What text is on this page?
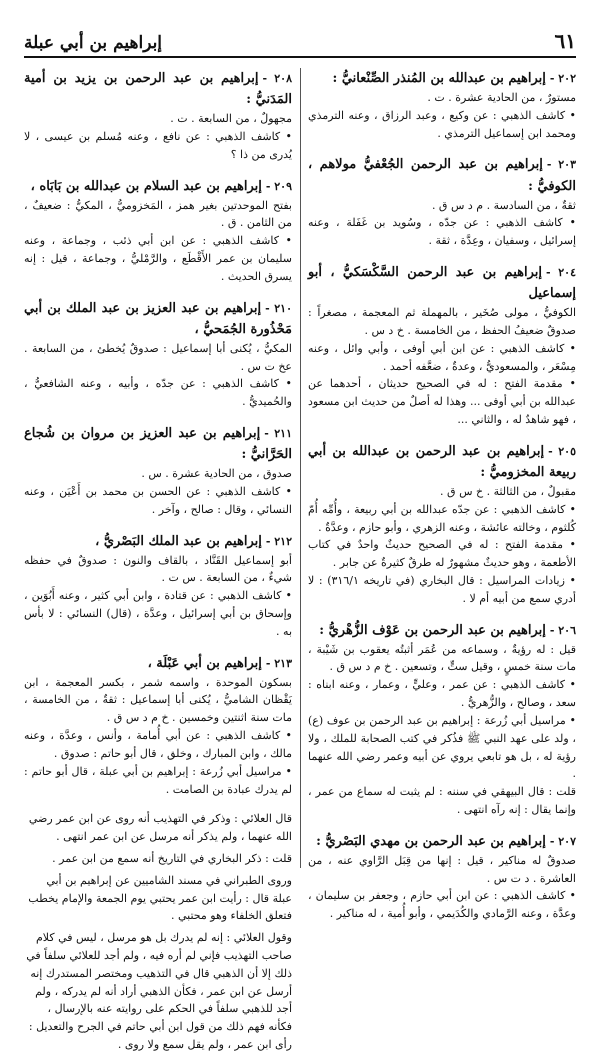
٦١
إبراهيم بن أبي عبلة
٢٠٢ -إبراهيم بن عبدالله بن المُنذر الصِّنْعانيُّ :
مستورٌ ، من الحادية عشرة . ت .
• كاشف الذهبي : عن وكيع ، وعبد الرزاق ، وعنه الترمذي ومحمد ابن إسماعيل الترمذي .
٢٠٣ -إبراهيم بن عبد الرحمن الجُعْفيُّ مولاهم ، الكوفيُّ :
ثقةٌ ، من السادسة . م د س ق .
• كاشف الذهبي : عن جدّه ، وسُويد بن غَفَلة ، وعنه إسرائيل ، وسفيان ، وعِدَّة ، ثقة .
٢٠٤ -إبراهيم بن عبد الرحمن السَّكْسَكيُّ ، أبو إسماعيل
الكوفيُّ ، مولى صُخَير ، بالمهملة ثم المعجمة ، مصغراً : صدوقٌ ضعيفُ الحفظ ، من الخامسة . خ د س .
• كاشف الذهبي : عن ابن أبي أوفى ، وأبي وائل ، وعنه مِسْعَر ، والمسعوديُّ ، وعدةٌ ، ضعَّفه أحمد .
• مقدمة الفتح : له في الصحيح حديثان ، أحدهما عن عبدالله بن أبي أوفى ... وهذا له أصلٌ من حديث ابن مسعود ، فهو شاهدٌ له ، والثاني ...
٢٠٥ -إبراهيم بن عبد الرحمن بن عبدالله بن أبي ربيعة المخزوميُّ :
مقبولٌ ، من الثالثة . خ س ق .
• كاشف الذهبي : عن جدّه عبدالله بن أبي ربيعة ، وأُمِّه أُمّ كُلثوم ، وخالته عائشة ، وعنه الزهري ، وأبو حازم ، وعدَّةٌ .
• مقدمة الفتح : له في الصحيح حديثٌ واحدٌ في كتاب الأطعمة ، وهو حديثٌ مشهورٌ له طرقٌ كثيرةٌ عن جابر .
• زيادات المراسيل : قال البخاري (في تاريخه ٣١٦/١) : لا أدري سمع من أبيه أم لا .
٢٠٦ -إبراهيم بن عبد الرحمن بن عَوْف الزُّهْريُّ :
قيل : له رؤيةٌ ، وسماعه من عُمَر أثبتُه يعقوب بن شَيْبة ، مات سنة خمسٍ ، وقيل ستٍّ ، وتسعين . خ م د س ق .
• كاشف الذهبي : عن عمر ، وعليٍّ ، وعمار ، وعنه ابناه : سعد ، وصالح ، والزُّهريُّ .
• مراسيل أبي زُرعة : إبراهيم بن عبد الرحمن بن عوف (ع) ، ولد على عهد النبي ﷺ فذُكر في كتب الصحابة للملك ، ولا رؤية له ، بل هو تابعي يروي عن أبيه وعمر رضي الله عنهما .
قلت : قال البيهقي في سننه : لم يثبت له سماع من عمر ، وإنما يقال : إنه رآه انتهى .
٢٠٧ -إبراهيم بن عبد الرحمن بن مهدي البَصْريُّ :
صدوقٌ له مناكير ، قيل : إنها من قِبَل الرَّاوي عنه ، من العاشرة . د ت س .
• كاشف الذهبي : عن ابن أبي حازم ، وجعفر بن سليمان ، وعدَّة ، وعنه الرَّمادي والكُدَيمي ، وأبو أُمية ، له مناكير .
٢٠٨ -إبراهيم بن عبد الرحمن بن يزيد بن أمية المَدَنيُّ :
مجهولٌ ، من السابعة . ت .
• كاشف الذهبي : عن نافع ، وعنه مُسلم بن عيسى ، لا يُدرى من ذا ؟
٢٠٩ -إبراهيم بن عبد السلام بن عبدالله بن بَابَاه ،
بفتح الموحدتين بغير همز ، المَخزوميُّ ، المكيُّ : ضعيفٌ ، من الثامن . ق .
• كاشف الذهبي : عن ابن أبي ذئب ، وجماعة ، وعنه سليمان بن عمر الأَقْطَع ، والرَّمْليُّ ، وجماعة ، قيل : إنه يسرق الحديث .
٢١٠ -إبراهيم بن عبد العزيز بن عبد الملك بن أبي مَحْذُورة الجُمَحيُّ ،
المكيُّ ، يُكنى أبا إسماعيل : صدوقٌ يُخطئ ، من السابعة . عخ ت س .
• كاشف الذهبي : عن جدّه ، وأبيه ، وعنه الشافعيُّ ، والحُميديُّ .
٢١١ -إبراهيم بن عبد العزيز بن مروان بن شُجاع الحَرَّانيُّ :
صدوق ، من الحادية عشرة . س .
• كاشف الذهبي : عن الحسن بن محمد بن أَعْيَن ، وعنه النسائي ، وقال : صالح ، وآخر .
٢١٢ -إبراهيم بن عبد الملك البَصْريُّ ،
أبو إسماعيل القَنَّاد ، بالقاف والنون : صدوقٌ في حفظه شيءٌ ، من السابعة . س ت .
• كاشف الذهبي : عن قتادة ، وابن أبي كثير ، وعنه أَبُوَين ، وإسحاق بن أبي إسرائيل ، وعدَّة ، (قال) النسائي : لا بأس به .
٢١٣ -إبراهيم بن أبي عَبْلَة ،
بسكون الموحدة ، واسمه شمر ، بكسر المعجمة ، ابن يَقْظان الشاميُّ ، يُكنى أبا إسماعيل : ثقةٌ ، من الخامسة ، مات سنة اثنتين وخمسين . خ م د س ق .
• كاشف الذهبي : عن أبي أُمامة ، وأنس ، وعدَّة ، وعنه مالك ، وابن المبارك ، وخلق ، قال أبو حاتم : صدوق .
• مراسيل أبي زُرعة : إبراهيم بن أبي عبلة ، قال أبو حاتم : لم يدرك عبادة بن الصامت .
قال العلائي : وذكر في التهذيب أنه روى عن ابن عمر رضي الله عنهما ، ولم يذكر أنه مرسل عن ابن عمر انتهى .
قلت : ذكر البخاري في التاريخ أنه سمع من ابن عمر .
وروى الطبراني في مسند الشاميين عن إبراهيم بن أبي عبلة قال : رأيت ابن عمر يحتبي يوم الجمعة والإمام يخطب فتعلق الخلفاء وهو محتبي .
وقول العلائي : إنه لم يدرك بل هو مرسل ، ليس في كلام صاحب التهذيب فإني لم أره فيه ، ولم أجد للعلائي سلفاً في ذلك إلا أن الذهبي قال في التذهيب ومختصر المستدرك إنه أرسل عن ابن عمر ، فكأن الذهبي أراد أنه لم يدركه ، ولم أجد للذهبي سلفاً في الحكم على روايته عنه بالإرسال ، فكأنه فهم ذلك من قول ابن أبي حاتم في الجرح والتعديل : رأى ابن عمر ، ولم يقل سمع ولا روى .
